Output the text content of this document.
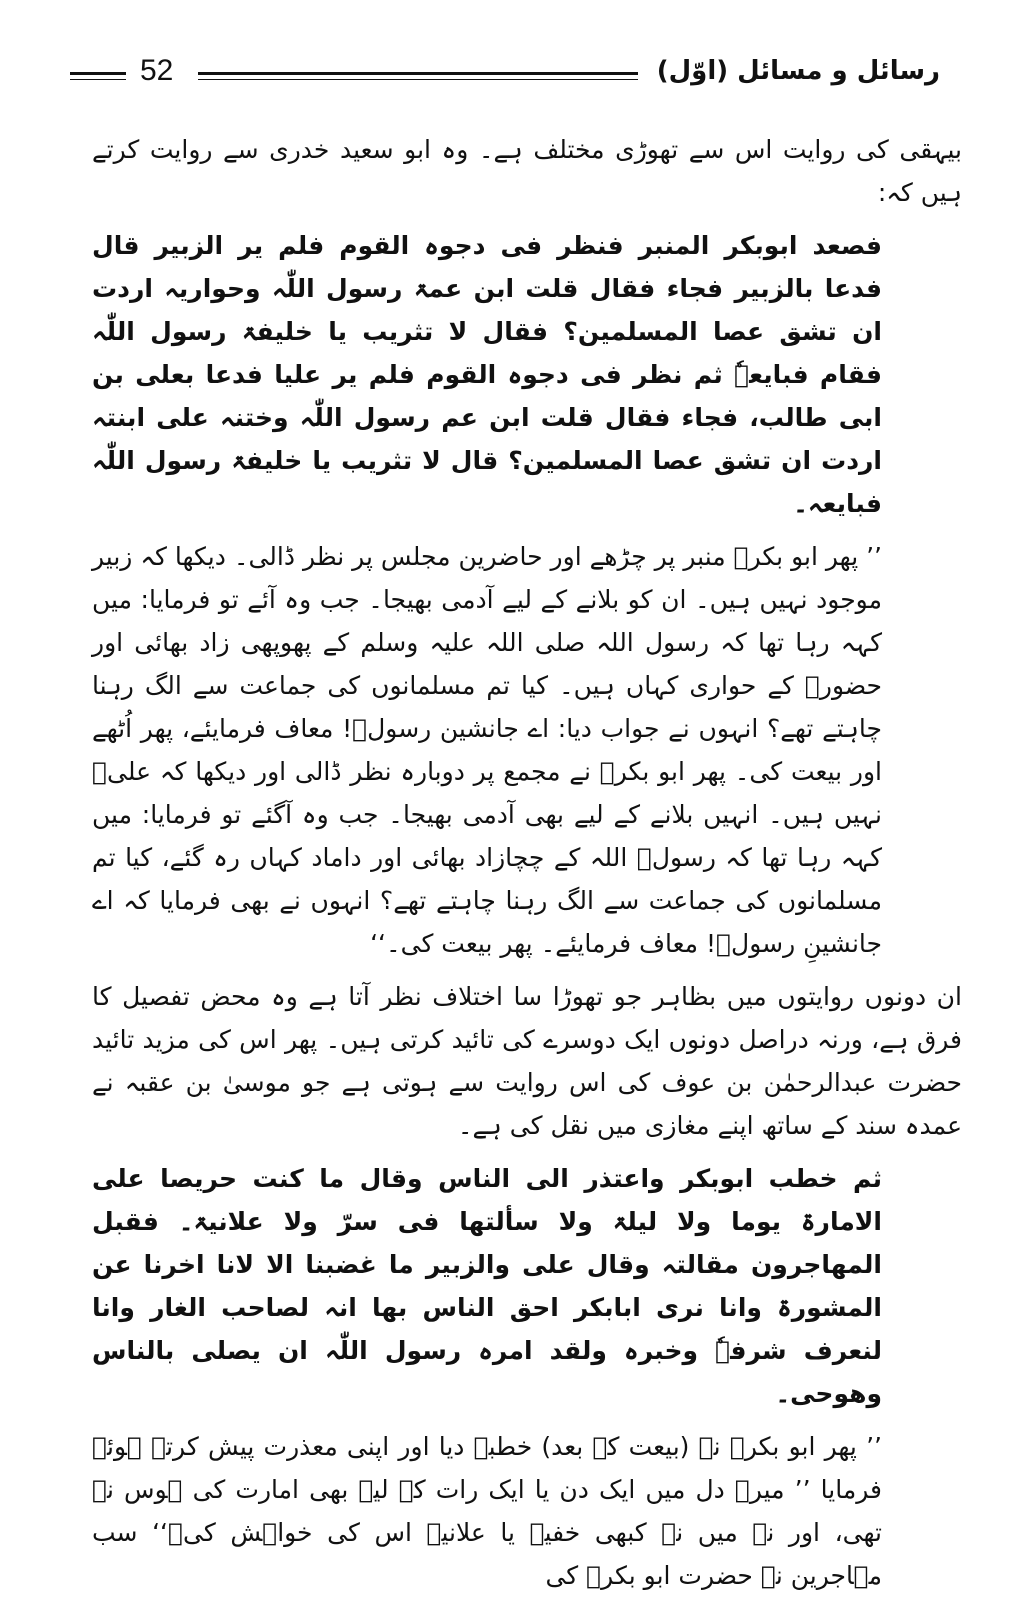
52	رسائل و مسائل (اوّل)

بیہقی کی روایت اس سے تھوڑی مختلف ہے۔ وہ ابو سعید خدری سے روایت کرتے ہیں کہ:

فصعد ابوبکر المنبر فنظر فی دجوہ القوم فلم یر الزبیر قال فدعا بالزبیر فجاء فقال قلت ابن عمۃ رسول اللّٰہ وحواریہ اردت ان تشق عصا المسلمین؟ فقال لا تثریب یا خلیفۃ رسول اللّٰہ فقام فبایعہٗ ثم نظر فی دجوہ القوم فلم یر علیا فدعا بعلی بن ابی طالب، فجاء فقال قلت ابن عم رسول اللّٰہ وختنہ علی ابنتہ اردت ان تشق عصا المسلمین؟ قال لا تثریب یا خلیفۃ رسول اللّٰہ فبایعہ۔

’’ پھر ابو بکرؓ منبر پر چڑھے اور حاضرین مجلس پر نظر ڈالی۔ دیکھا کہ زبیر موجود نہیں ہیں۔ ان کو بلانے کے لیے آدمی بھیجا۔ جب وہ آئے تو فرمایا: میں کہہ رہا تھا کہ رسول اللہ صلی اللہ علیہ وسلم کے پھوپھی زاد بھائی اور حضورؐ کے حواری کہاں ہیں۔ کیا تم مسلمانوں کی جماعت سے الگ رہنا چاہتے تھے؟ انہوں نے جواب دیا: اے جانشین رسولؐ! معاف فرمایئے، پھر اُٹھے اور بیعت کی۔ پھر ابو بکرؓ نے مجمع پر دوبارہ نظر ڈالی اور دیکھا کہ علیؓ نہیں ہیں۔ انہیں بلانے کے لیے بھی آدمی بھیجا۔ جب وہ آگئے تو فرمایا: میں کہہ رہا تھا کہ رسولؐ اللہ کے چچازاد بھائی اور داماد کہاں رہ گئے، کیا تم مسلمانوں کی جماعت سے الگ رہنا چاہتے تھے؟ انہوں نے بھی فرمایا کہ اے جانشینِ رسولؐ! معاف فرمایئے۔ پھر بیعت کی۔‘‘

ان دونوں روایتوں میں بظاہر جو تھوڑا سا اختلاف نظر آتا ہے وہ محض تفصیل کا فرق ہے، ورنہ دراصل دونوں ایک دوسرے کی تائید کرتی ہیں۔ پھر اس کی مزید تائید حضرت عبدالرحمٰن بن عوف کی اس روایت سے ہوتی ہے جو موسیٰ بن عقبہ نے عمدہ سند کے ساتھ اپنے مغازی میں نقل کی ہے۔

ثم خطب ابوبکر واعتذر الی الناس وقال ما کنت حریصا علی الامارۃ یوما ولا لیلۃ ولا سألتھا فی سرّ ولا علانیۃ۔ فقبل المھاجرون مقالتہ وقال علی والزبیر ما غضبنا الا لانا اخرنا عن المشورۃ وانا نری ابابکر احق الناس بھا انہ لصاحب الغار وانا لنعرف شرفہٗ وخبرہ ولقد امرہ رسول اللّٰہ ان یصلی بالناس وھوحی۔

’’ پھر ابو بکرؓ نے (بیعت کے بعد) خطبہ دیا اور اپنی معذرت پیش کرتے ہوئے فرمایا ’’ میرے دل میں ایک دن یا ایک رات کے لیے بھی امارت کی ہوس نہ تھی، اور نہ میں نے کبھی خفیہ یا علانیہ اس کی خواہش کی۔‘‘ سب مہاجرین نے حضرت ابو بکرؓ کی
